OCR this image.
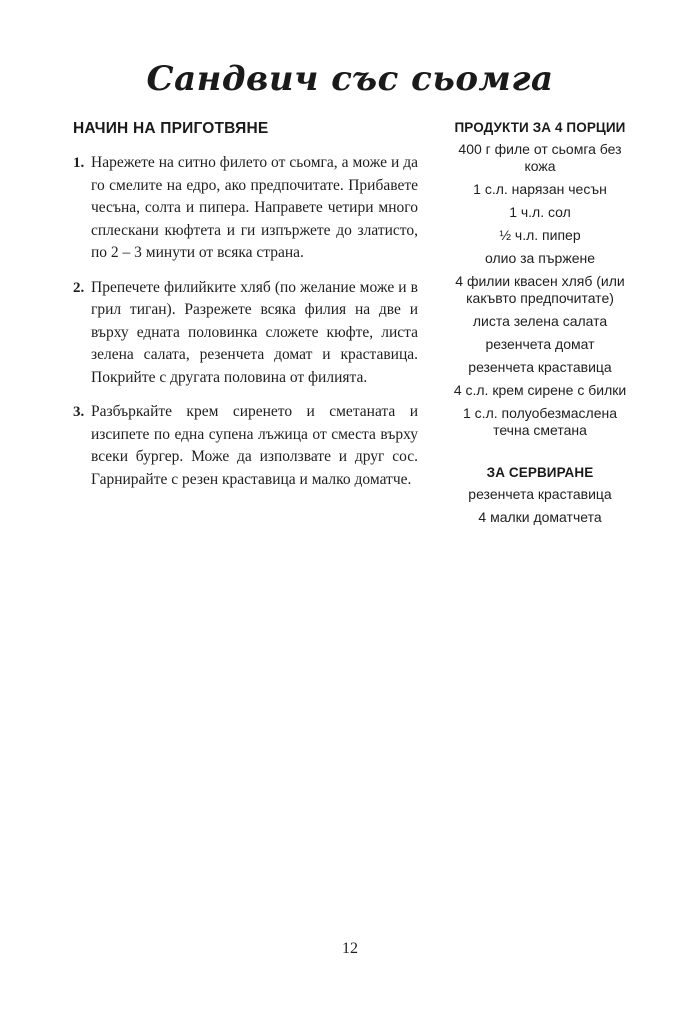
Сандвич със сьомга
НАЧИН НА ПРИГОТВЯНЕ
1. Нарежете на ситно филето от сьомга, а може и да го смелите на едро, ако предпочитате. Прибавете чесъна, солта и пипера. Направете четири много сплескани кюфтета и ги изпържете до златисто, по 2 – 3 минути от всяка страна.
2. Препечете филийките хляб (по желание може и в грил тиган). Разрежете всяка филия на две и върху едната половинка сложете кюфте, листа зелена салата, резенчета домат и краставица. Покрийте с другата половина от филията.
3. Разбъркайте крем сиренето и сметаната и изсипете по една супена лъжица от сместа върху всеки бургер. Може да използвате и друг сос. Гарнирайте с резен краставица и малко доматче.
ПРОДУКТИ ЗА 4 ПОРЦИИ
400 г филе от сьомга без кожа
1 с.л. нарязан чесън
1 ч.л. сол
½ ч.л. пипер
олио за пържене
4 филии квасен хляб (или какъвто предпочитате)
листа зелена салата
резенчета домат
резенчета краставица
4 с.л. крем сирене с билки
1 с.л. полуобезмаслена течна сметана
ЗА СЕРВИРАНЕ
резенчета краставица
4 малки доматчета
12
